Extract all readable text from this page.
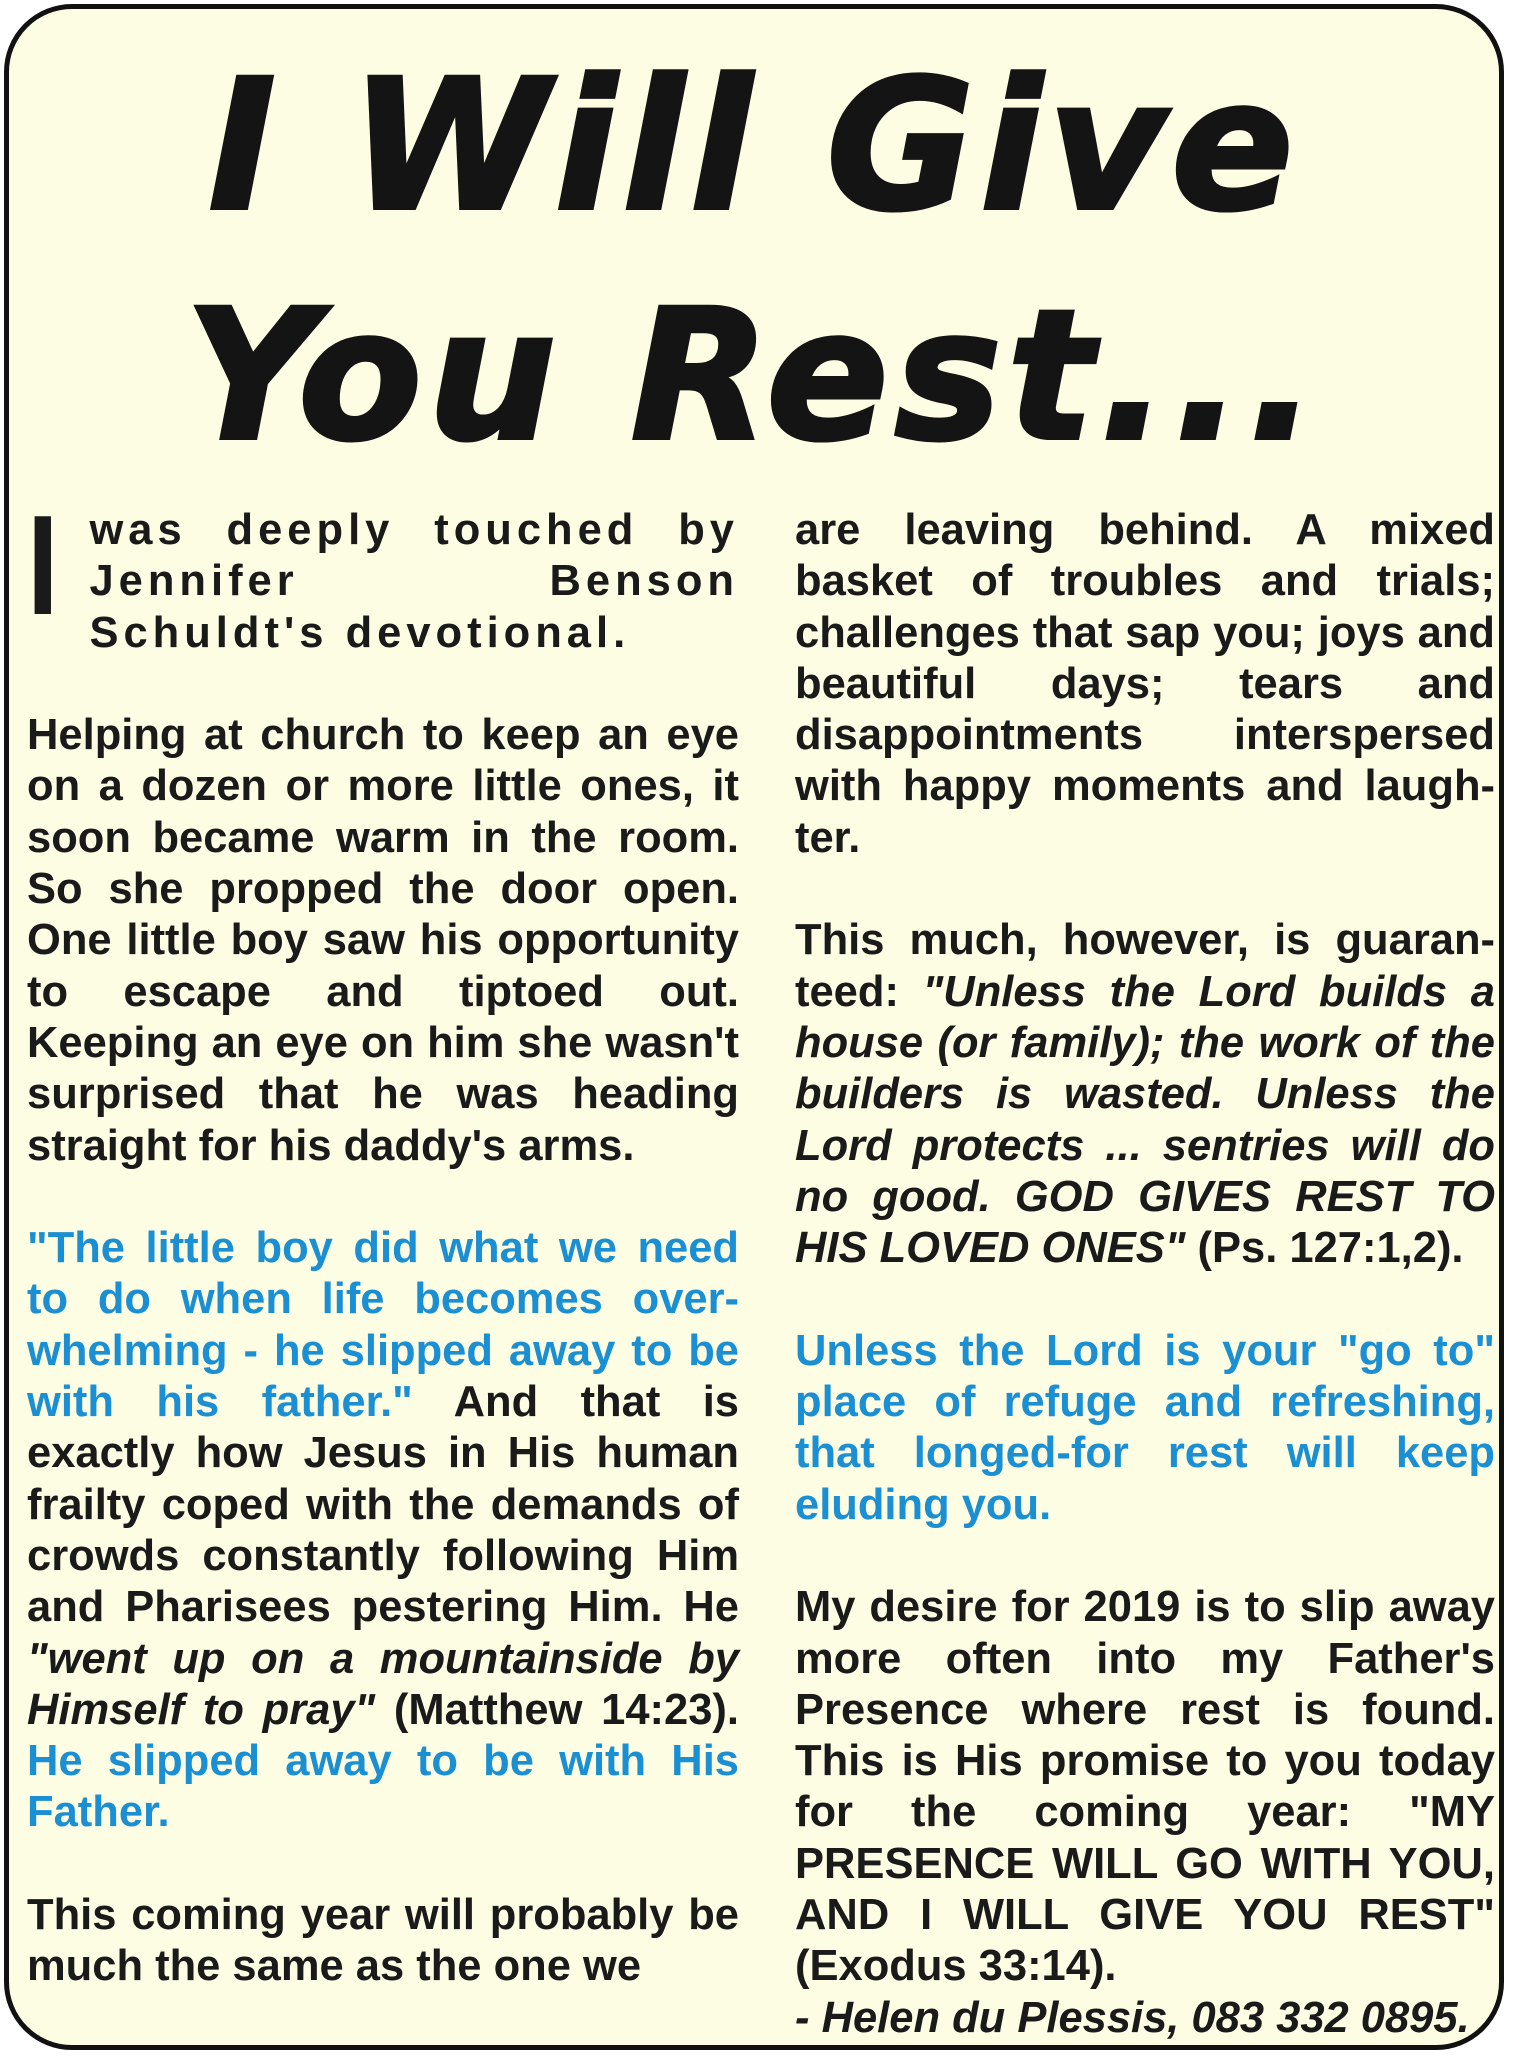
I Will Give
You Rest...

Iwas deeply touched by Jennifer Benson Schuldt's devotional.

Helping at church to keep an eye on a dozen or more little ones, it soon became warm in the room. So she propped the door open. One little boy saw his opportunity to escape and tiptoed out. Keeping an eye on him she wasn't surprised that he was heading straight for his daddy's arms.

"The little boy did what we need to do when life becomes over-whelming - he slipped away to be with his father." And that is exactly how Jesus in His human frailty coped with the demands of crowds constantly following Him and Pharisees pestering Him. He "went up on a mountainside by Himself to pray" (Matthew 14:23). He slipped away to be with His Father.

This coming year will probably be much the same as the one we

are leaving behind. A mixed basket of troubles and trials; challenges that sap you; joys and beautiful days; tears and disappointments interspersed with happy moments and laugh-ter.

This much, however, is guaran-teed: "Unless the Lord builds a house (or family); the work of the builders is wasted. Unless the Lord protects ... sentries will do no good. GOD GIVES REST TO HIS LOVED ONES" (Ps. 127:1,2).

Unless the Lord is your "go to" place of refuge and refreshing, that longed-for rest will keep eluding you.

My desire for 2019 is to slip away more often into my Father's Presence where rest is found. This is His promise to you today for the coming year: "MY PRESENCE WILL GO WITH YOU, AND I WILL GIVE YOU REST" (Exodus 33:14).

- Helen du Plessis, 083 332 0895.
